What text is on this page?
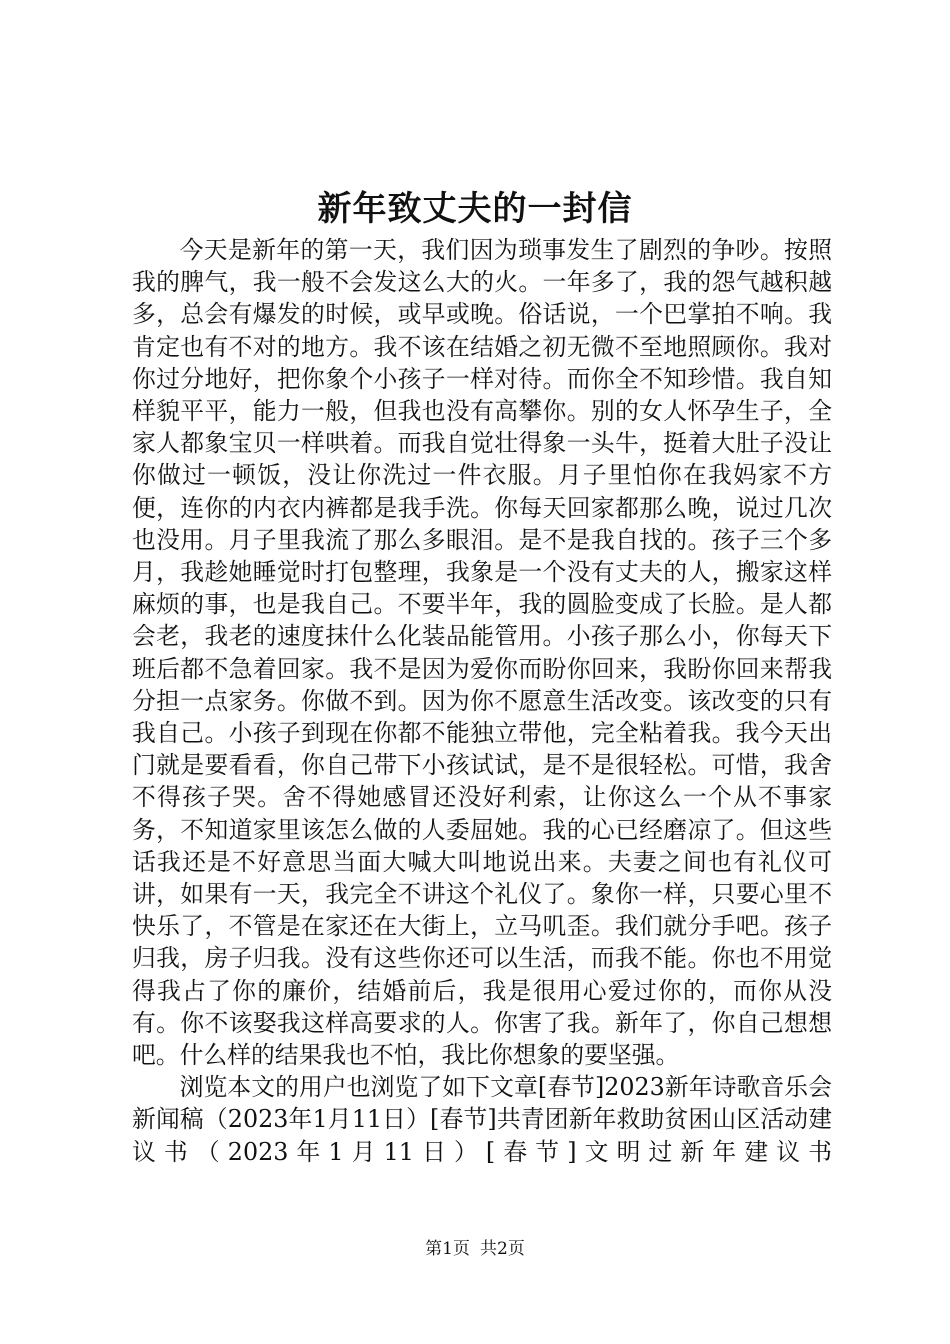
新年致丈夫的一封信

今天是新年的第一天，我们因为琐事发生了剧烈的争吵。按照我的脾气，我一般不会发这么大的火。一年多了，我的怨气越积越多，总会有爆发的时候，或早或晚。俗话说，一个巴掌拍不响。我肯定也有不对的地方。我不该在结婚之初无微不至地照顾你。我对你过分地好，把你象个小孩子一样对待。而你全不知珍惜。我自知样貌平平，能力一般，但我也没有高攀你。别的女人怀孕生子，全家人都象宝贝一样哄着。而我自觉壮得象一头牛，挺着大肚子没让你做过一顿饭，没让你洗过一件衣服。月子里怕你在我妈家不方便，连你的内衣内裤都是我手洗。你每天回家都那么晚，说过几次也没用。月子里我流了那么多眼泪。是不是我自找的。孩子三个多月，我趁她睡觉时打包整理，我象是一个没有丈夫的人，搬家这样麻烦的事，也是我自己。不要半年，我的圆脸变成了长脸。是人都会老，我老的速度抹什么化装品能管用。小孩子那么小，你每天下班后都不急着回家。我不是因为爱你而盼你回来，我盼你回来帮我分担一点家务。你做不到。因为你不愿意生活改变。该改变的只有我自己。小孩子到现在你都不能独立带他，完全粘着我。我今天出门就是要看看，你自己带下小孩试试，是不是很轻松。可惜，我舍不得孩子哭。舍不得她感冒还没好利索，让你这么一个从不事家务，不知道家里该怎么做的人委屈她。我的心已经磨凉了。但这些话我还是不好意思当面大喊大叫地说出来。夫妻之间也有礼仪可讲，如果有一天，我完全不讲这个礼仪了。象你一样，只要心里不快乐了，不管是在家还在大街上，立马叽歪。我们就分手吧。孩子归我，房子归我。没有这些你还可以生活，而我不能。你也不用觉得我占了你的廉价，结婚前后，我是很用心爱过你的，而你从没有。你不该娶我这样高要求的人。你害了我。新年了，你自己想想吧。什么样的结果我也不怕，我比你想象的要坚强。

浏览本文的用户也浏览了如下文章[春节]2023新年诗歌音乐会新闻稿（2023年1月11日）[春节]共青团新年救助贫困山区活动建议书（2023年1月11日）[春节]文明过新年建议书

第1页 共2页
